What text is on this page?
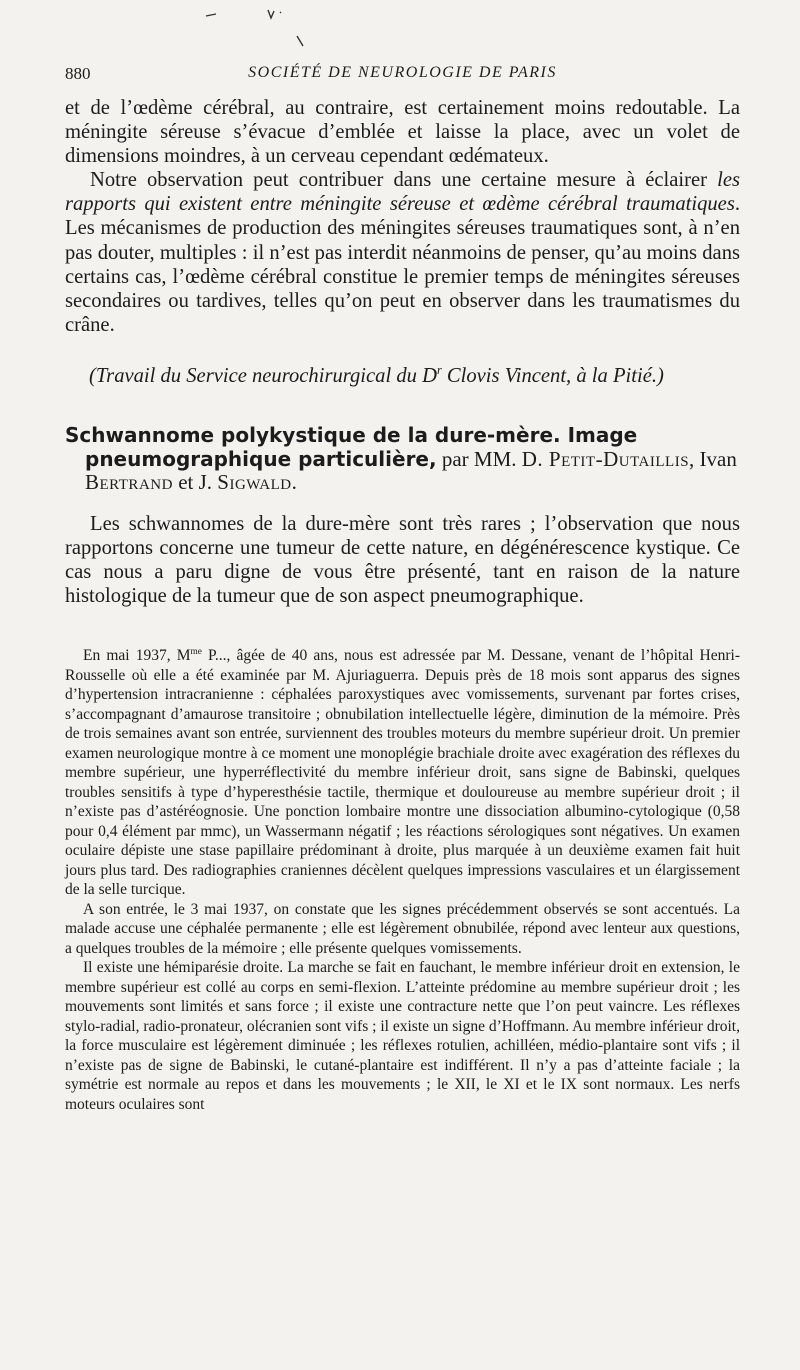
880	SOCIÉTÉ DE NEUROLOGIE DE PARIS

et de l’œdème cérébral, au contraire, est certainement moins redoutable. La méningite séreuse s’évacue d’emblée et laisse la place, avec un volet de dimensions moindres, à un cerveau cependant œdémateux.

Notre observation peut contribuer dans une certaine mesure à éclairer les rapports qui existent entre méningite séreuse et œdème cérébral traumatiques. Les mécanismes de production des méningites séreuses traumatiques sont, à n’en pas douter, multiples : il n’est pas interdit néanmoins de penser, qu’au moins dans certains cas, l’œdème cérébral constitue le premier temps de méningites séreuses secondaires ou tardives, telles qu’on peut en observer dans les traumatismes du crâne.

(Travail du Service neurochirurgical du $D^r$ Clovis Vincent, à la Pitié.)

Schwannome polykystique de la dure-mère. Image pneumographique particulière, par MM. D. Petit-Dutaillis, Ivan Bertrand et J. Sigwald.

Les schwannomes de la dure-mère sont très rares ; l’observation que nous rapportons concerne une tumeur de cette nature, en dégénérescence kystique. Ce cas nous a paru digne de vous être présenté, tant en raison de la nature histologique de la tumeur que de son aspect pneumographique.

En mai 1937, $M^{me}$ P..., âgée de 40 ans, nous est adressée par M. Dessane, venant de l’hôpital Henri-Rousselle où elle a été examinée par M. Ajuriaguerra. Depuis près de 18 mois sont apparus des signes d’hypertension intracranienne : céphalées paroxystiques avec vomissements, survenant par fortes crises, s’accompagnant d’amaurose transitoire ; obnubilation intellectuelle légère, diminution de la mémoire. Près de trois semaines avant son entrée, surviennent des troubles moteurs du membre supérieur droit. Un premier examen neurologique montre à ce moment une monoplégie brachiale droite avec exagération des réflexes du membre supérieur, une hyperréflectivité du membre inférieur droit, sans signe de Babinski, quelques troubles sensitifs à type d’hyperesthésie tactile, thermique et douloureuse au membre supérieur droit ; il n’existe pas d’astéréognosie. Une ponction lombaire montre une dissociation albumino-cytologique (0,58 pour 0,4 élément par mmc), un Wassermann négatif ; les réactions sérologiques sont négatives. Un examen oculaire dépiste une stase papillaire prédominant à droite, plus marquée à un deuxième examen fait huit jours plus tard. Des radiographies craniennes décèlent quelques impressions vasculaires et un élargissement de la selle turcique.

A son entrée, le 3 mai 1937, on constate que les signes précédemment observés se sont accentués. La malade accuse une céphalée permanente ; elle est légèrement obnubilée, répond avec lenteur aux questions, a quelques troubles de la mémoire ; elle présente quelques vomissements.

Il existe une hémiparésie droite. La marche se fait en fauchant, le membre inférieur droit en extension, le membre supérieur est collé au corps en semi-flexion. L’atteinte prédomine au membre supérieur droit ; les mouvements sont limités et sans force ; il existe une contracture nette que l’on peut vaincre. Les réflexes stylo-radial, radio-pronateur, olécranien sont vifs ; il existe un signe d’Hoffmann. Au membre inférieur droit, la force musculaire est légèrement diminuée ; les réflexes rotulien, achilléen, médio-plantaire sont vifs ; il n’existe pas de signe de Babinski, le cutané-plantaire est indifférent. Il n’y a pas d’atteinte faciale ; la symétrie est normale au repos et dans les mouvements ; le XII, le XI et le IX sont normaux. Les nerfs moteurs oculaires sont
